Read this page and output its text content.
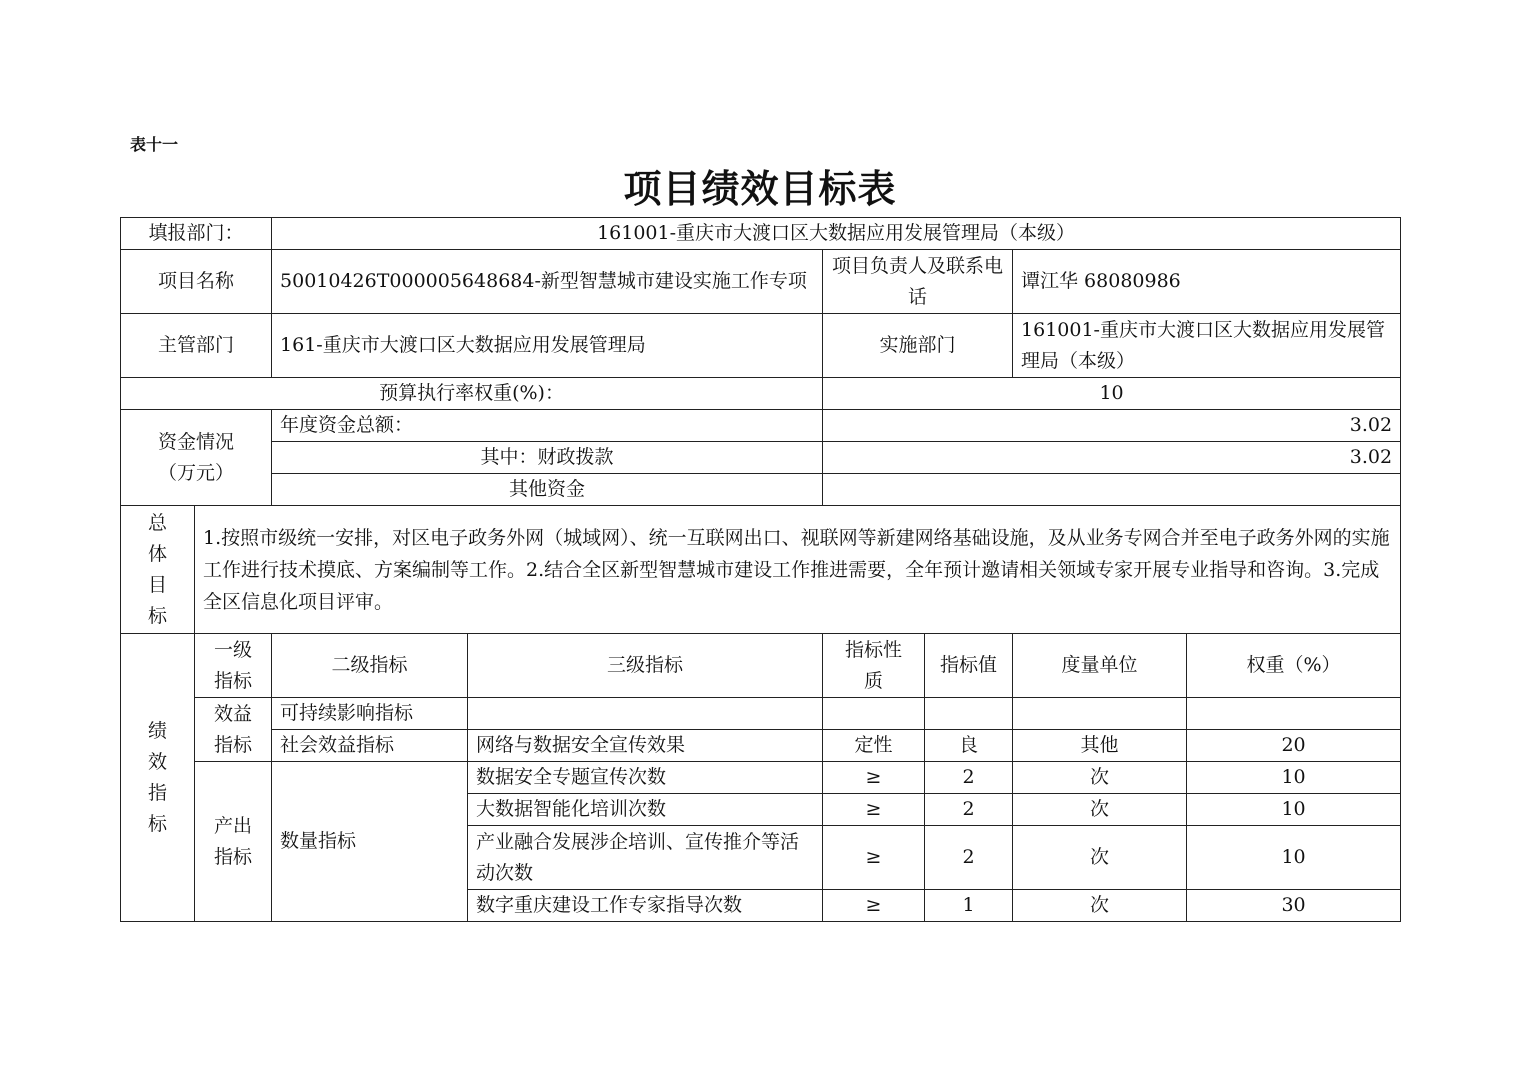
表十一
项目绩效目标表
填报部门：		161001-重庆市大渡口区大数据应用发展管理局（本级）					
项目名称		50010426T000005648684-新型智慧城市建设实施工作专项		项目负责人及联系电话		谭江华 68080986	
主管部门		161-重庆市大渡口区大数据应用发展管理局		实施部门		161001-重庆市大渡口区大数据应用发展管理局（本级）	
预算执行率权重(%)：				10			
资金情况（万元）		年度资金总额：		3.02			
		其中：财政拨款		3.02			
		其他资金					
总体目标	1.按照市级统一安排，对区电子政务外网（城域网）、统一互联网出口、视联网等新建网络基础设施，及从业务专网合并至电子政务外网的实施工作进行技术摸底、方案编制等工作。2.结合全区新型智慧城市建设工作推进需要，全年预计邀请相关领域专家开展专业指导和咨询。3.完成全区信息化项目评审。						
绩效指标	一级指标	二级指标	三级指标	指标性质	指标值	度量单位	权重（%）
	效益指标	可持续影响指标					
		社会效益指标	网络与数据安全宣传效果	定性	良	其他	20
	产出指标	数量指标	数据安全专题宣传次数	≥	2	次	10
			大数据智能化培训次数	≥	2	次	10
			产业融合发展涉企培训、宣传推介等活动次数	≥	2	次	10
			数字重庆建设工作专家指导次数	≥	1	次	30
